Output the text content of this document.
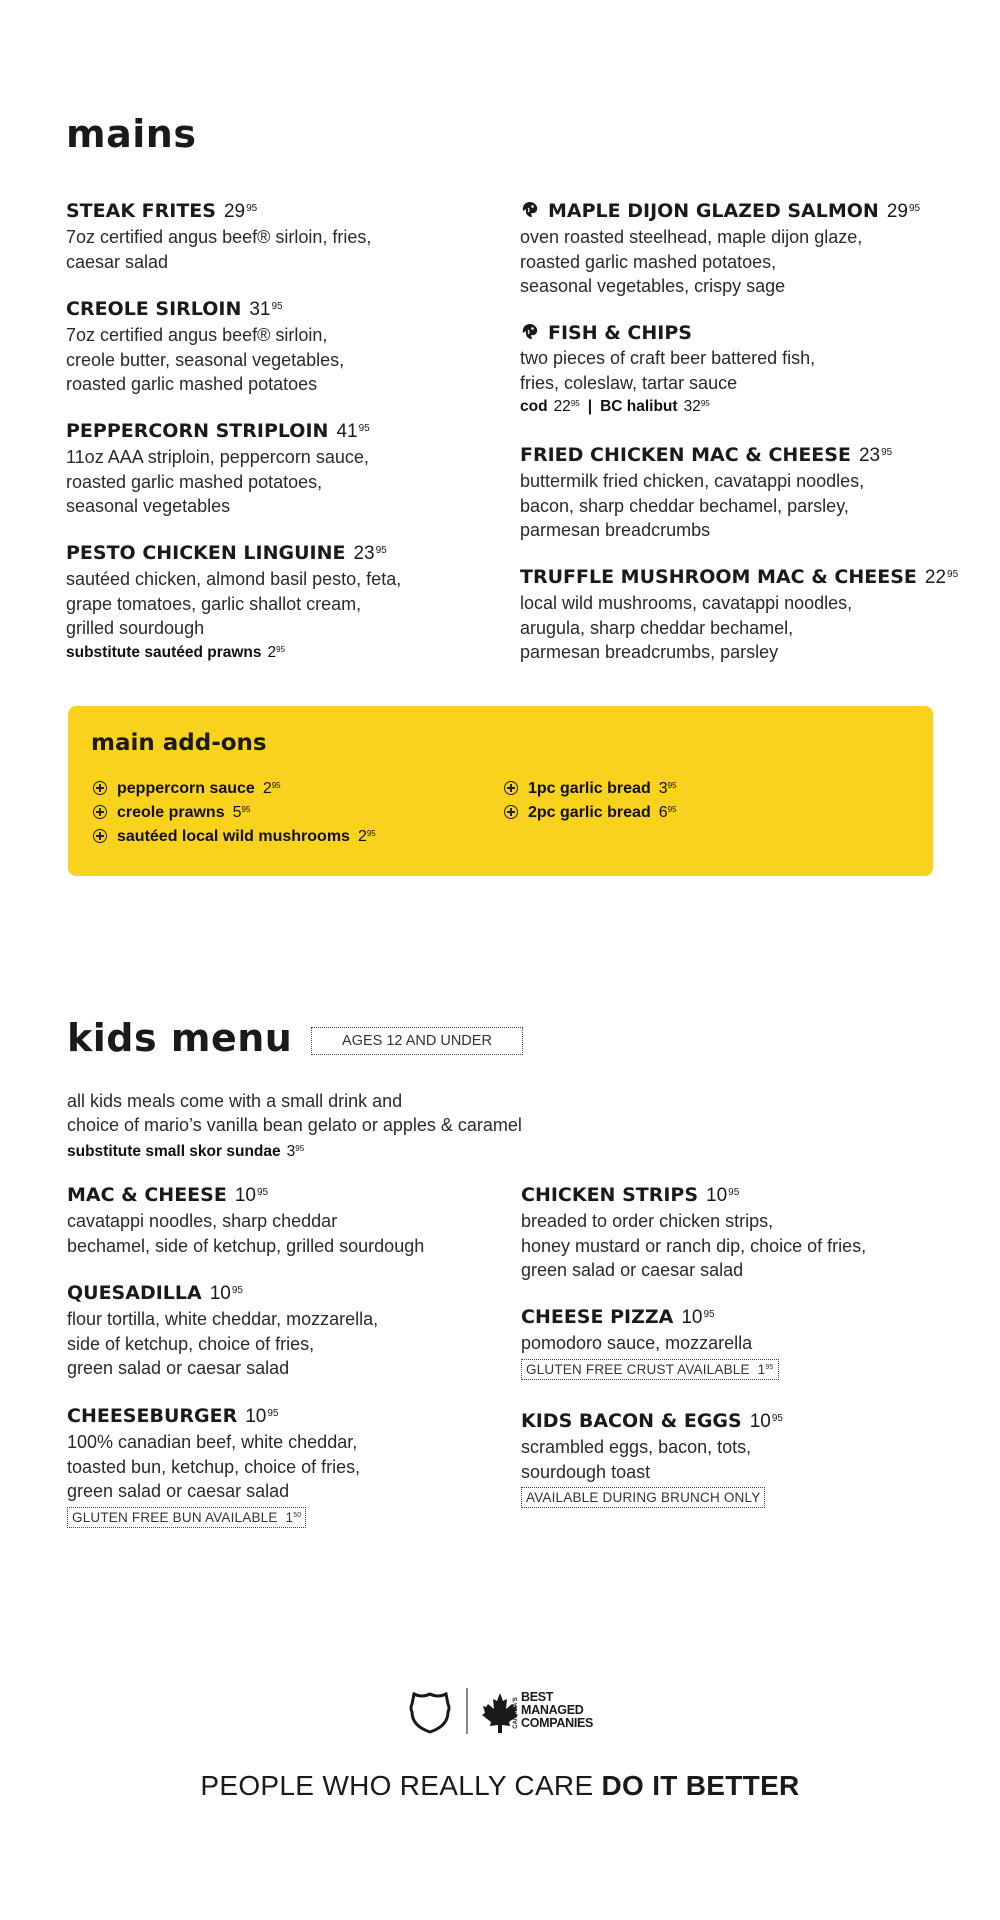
mains
STEAK FRITES $29^{95}$
7oz certified angus beef® sirloin, fries,
caesar salad
CREOLE SIRLOIN $31^{95}$
7oz certified angus beef® sirloin,
creole butter, seasonal vegetables,
roasted garlic mashed potatoes
PEPPERCORN STRIPLOIN $41^{95}$
11oz AAA striploin, peppercorn sauce,
roasted garlic mashed potatoes,
seasonal vegetables
PESTO CHICKEN LINGUINE $23^{95}$
sautéed chicken, almond basil pesto, feta,
grape tomatoes, garlic shallot cream,
grilled sourdough
substitute sautéed prawns $2^{95}$
MAPLE DIJON GLAZED SALMON $29^{95}$
oven roasted steelhead, maple dijon glaze,
roasted garlic mashed potatoes,
seasonal vegetables, crispy sage
FISH & CHIPS
two pieces of craft beer battered fish,
fries, coleslaw, tartar sauce
cod $22^{95}$ | BC halibut $32^{95}$
FRIED CHICKEN MAC & CHEESE $23^{95}$
buttermilk fried chicken, cavatappi noodles,
bacon, sharp cheddar bechamel, parsley,
parmesan breadcrumbs
TRUFFLE MUSHROOM MAC & CHEESE $22^{95}$
local wild mushrooms, cavatappi noodles,
arugula, sharp cheddar bechamel,
parmesan breadcrumbs, parsley
main add-ons
peppercorn sauce $2^{95}$
creole prawns $5^{95}$
sautéed local wild mushrooms $2^{95}$
1pc garlic bread $3^{95}$
2pc garlic bread $6^{95}$
kids menu	AGES 12 AND UNDER
all kids meals come with a small drink and
choice of mario’s vanilla bean gelato or apples & caramel
substitute small skor sundae $3^{95}$
MAC & CHEESE $10^{95}$
cavatappi noodles, sharp cheddar
bechamel, side of ketchup, grilled sourdough
QUESADILLA $10^{95}$
flour tortilla, white cheddar, mozzarella,
side of ketchup, choice of fries,
green salad or caesar salad
CHEESEBURGER $10^{95}$
100% canadian beef, white cheddar,
toasted bun, ketchup, choice of fries,
green salad or caesar salad
GLUTEN FREE BUN AVAILABLE $1^{50}$
CHICKEN STRIPS $10^{95}$
breaded to order chicken strips,
honey mustard or ranch dip, choice of fries,
green salad or caesar salad
CHEESE PIZZA $10^{95}$
pomodoro sauce, mozzarella
GLUTEN FREE CRUST AVAILABLE $1^{95}$
KIDS BACON & EGGS $10^{95}$
scrambled eggs, bacon, tots,
sourdough toast
AVAILABLE DURING BRUNCH ONLY
CANADA'S
BEST
MANAGED
COMPANIES
PEOPLE WHO REALLY CARE DO IT BETTER
